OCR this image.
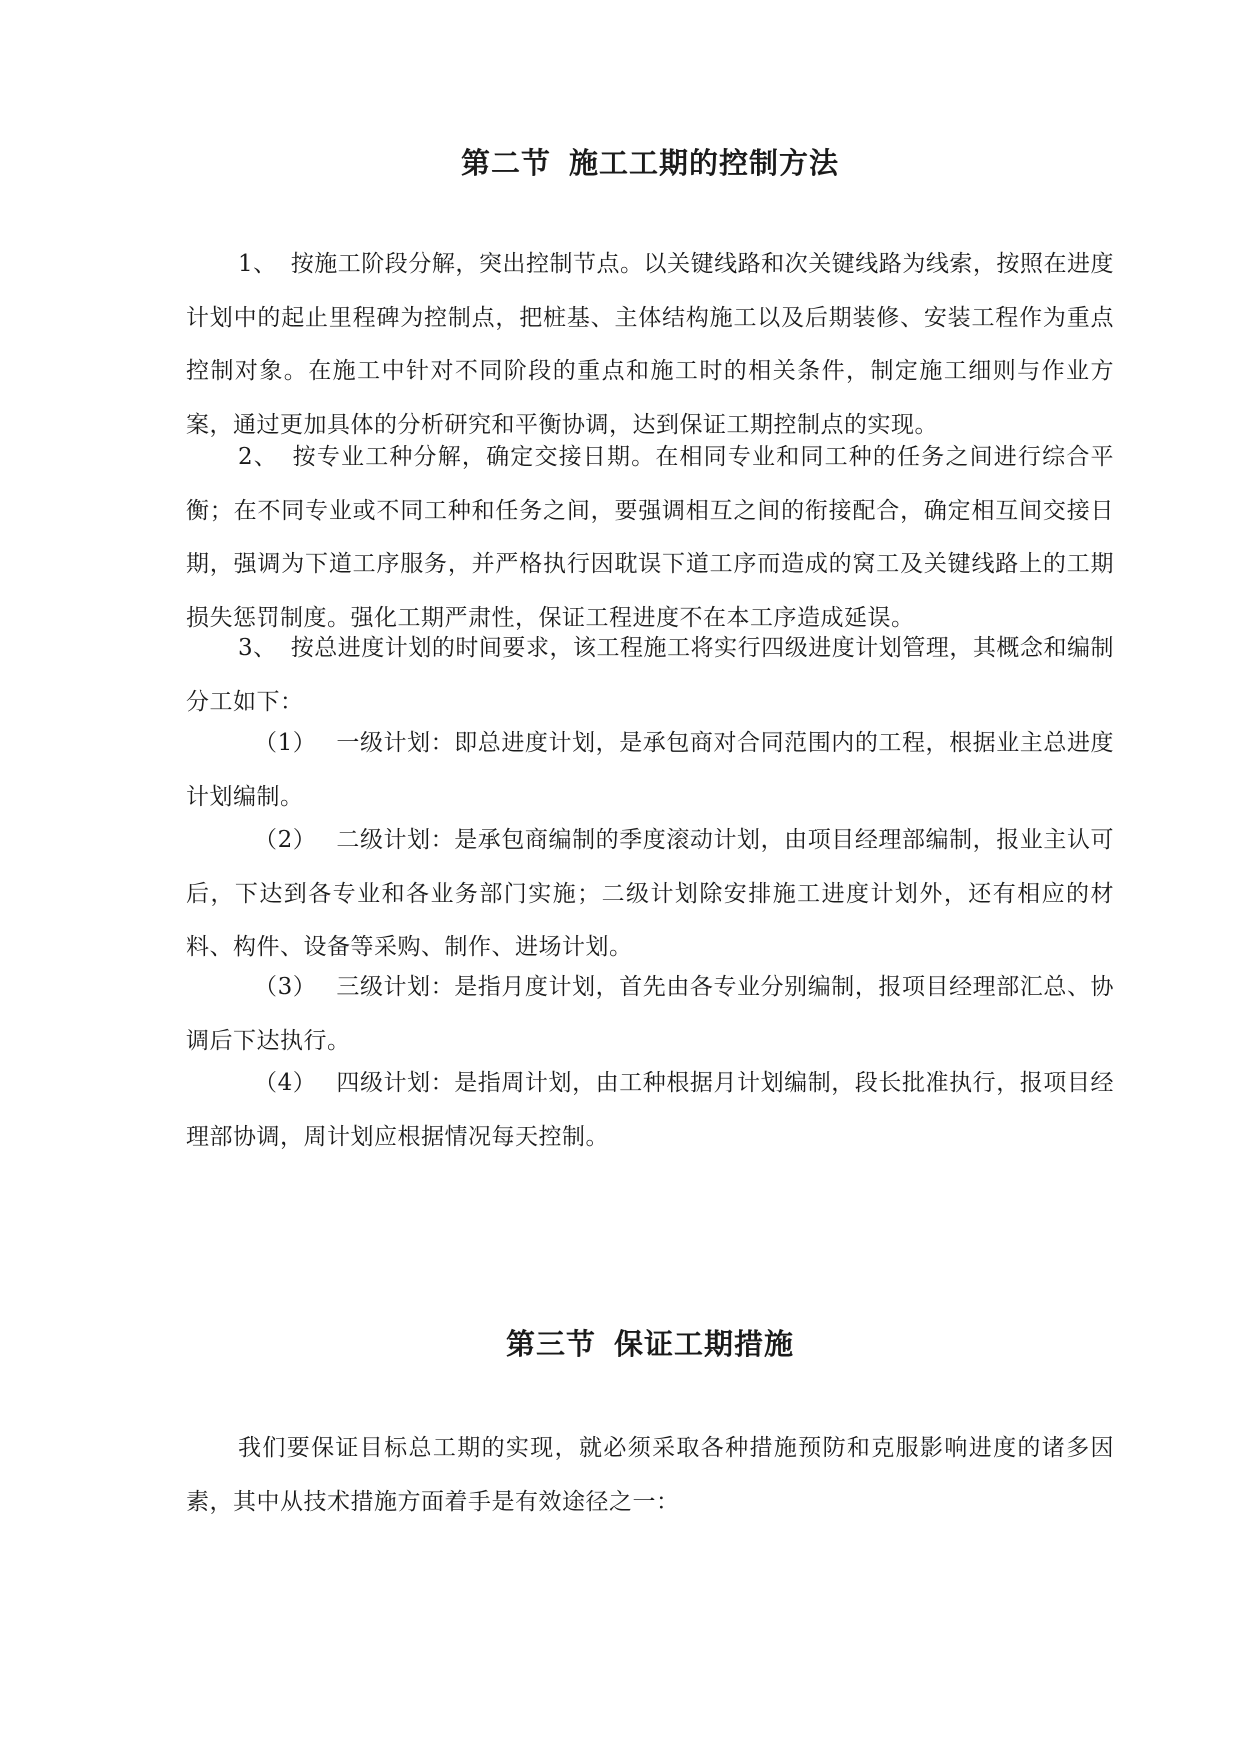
第二节 施工工期的控制方法

1、 按施工阶段分解，突出控制节点。以关键线路和次关键线路为线索，按照在进度计划中的起止里程碑为控制点，把桩基、主体结构施工以及后期装修、安装工程作为重点控制对象。在施工中针对不同阶段的重点和施工时的相关条件，制定施工细则与作业方案，通过更加具体的分析研究和平衡协调，达到保证工期控制点的实现。

2、 按专业工种分解，确定交接日期。在相同专业和同工种的任务之间进行综合平衡；在不同专业或不同工种和任务之间，要强调相互之间的衔接配合，确定相互间交接日期，强调为下道工序服务，并严格执行因耽误下道工序而造成的窝工及关键线路上的工期损失惩罚制度。强化工期严肃性，保证工程进度不在本工序造成延误。

3、 按总进度计划的时间要求，该工程施工将实行四级进度计划管理，其概念和编制分工如下：

（1） 一级计划：即总进度计划，是承包商对合同范围内的工程，根据业主总进度计划编制。

（2） 二级计划：是承包商编制的季度滚动计划，由项目经理部编制，报业主认可后，下达到各专业和各业务部门实施；二级计划除安排施工进度计划外，还有相应的材料、构件、设备等采购、制作、进场计划。

（3） 三级计划：是指月度计划，首先由各专业分别编制，报项目经理部汇总、协调后下达执行。

（4） 四级计划：是指周计划，由工种根据月计划编制，段长批准执行，报项目经理部协调，周计划应根据情况每天控制。

第三节 保证工期措施

我们要保证目标总工期的实现，就必须采取各种措施预防和克服影响进度的诸多因素，其中从技术措施方面着手是有效途径之一：
